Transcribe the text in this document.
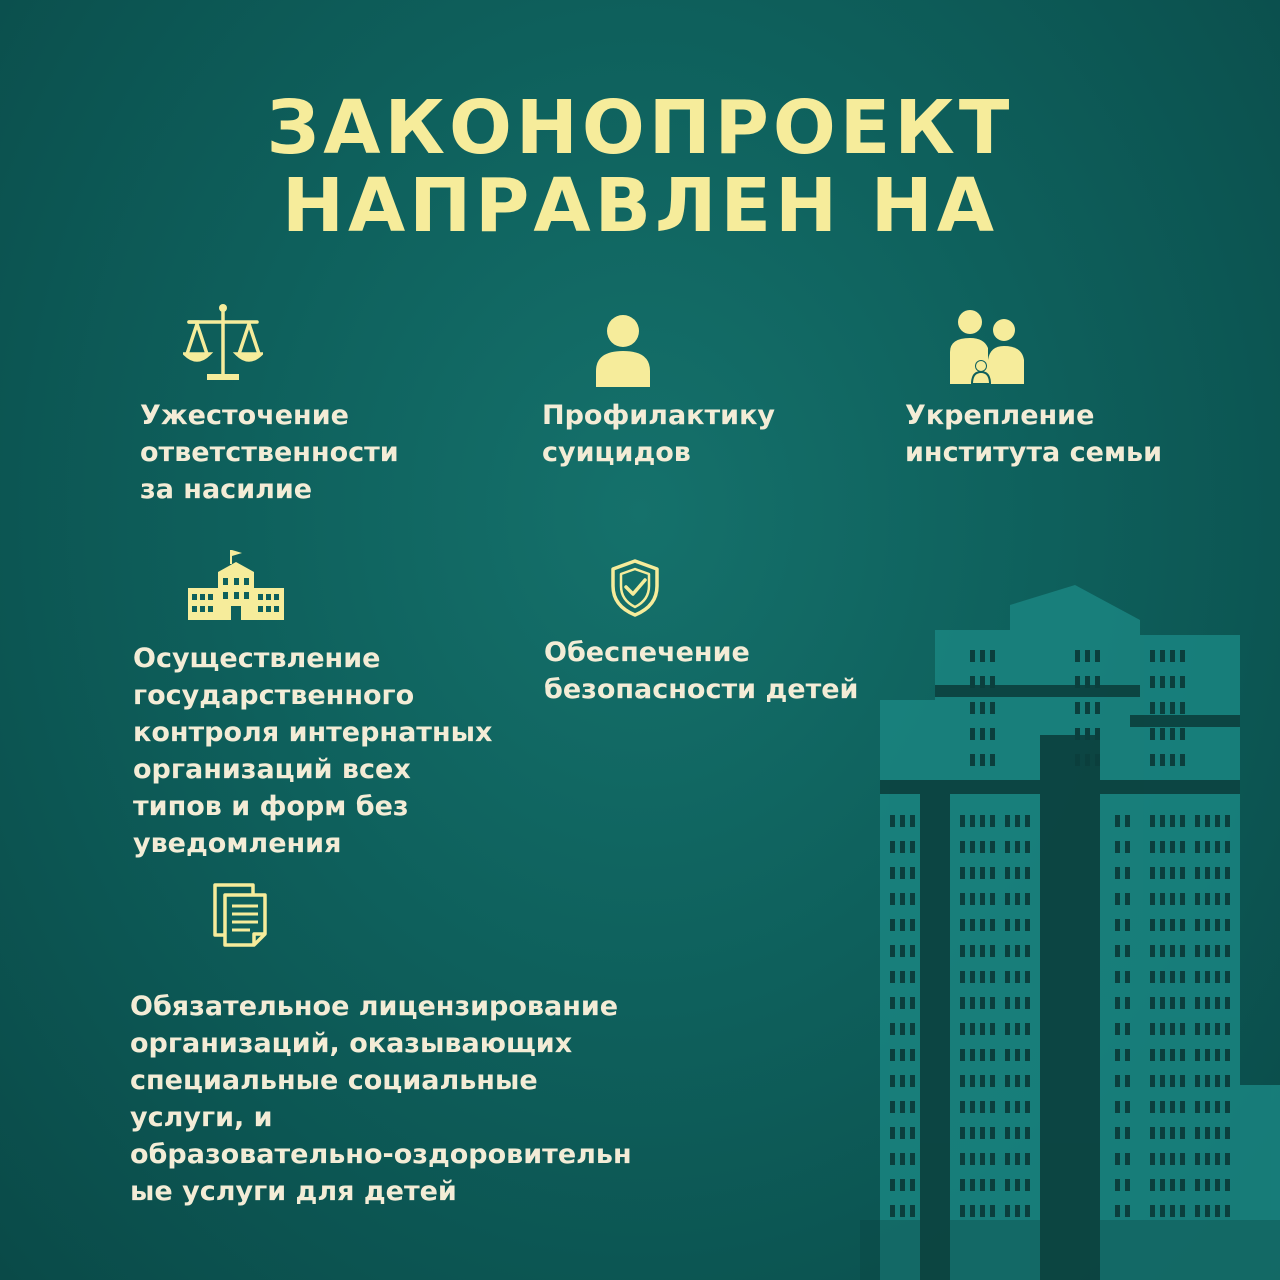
ЗАКОНОПРОЕКТ
НАПРАВЛЕН НА
Ужесточение
ответственности
за насилие
Профилактику
суицидов
Укрепление
института семьи
Осуществление
государственного
контроля интернатных
организаций всех
типов и форм без
уведомления
Обеспечение
безопасности детей
Обязательное лицензирование
организаций, оказывающих
специальные социальные
услуги, и
образовательно-оздоровительн
ые услуги для детей
